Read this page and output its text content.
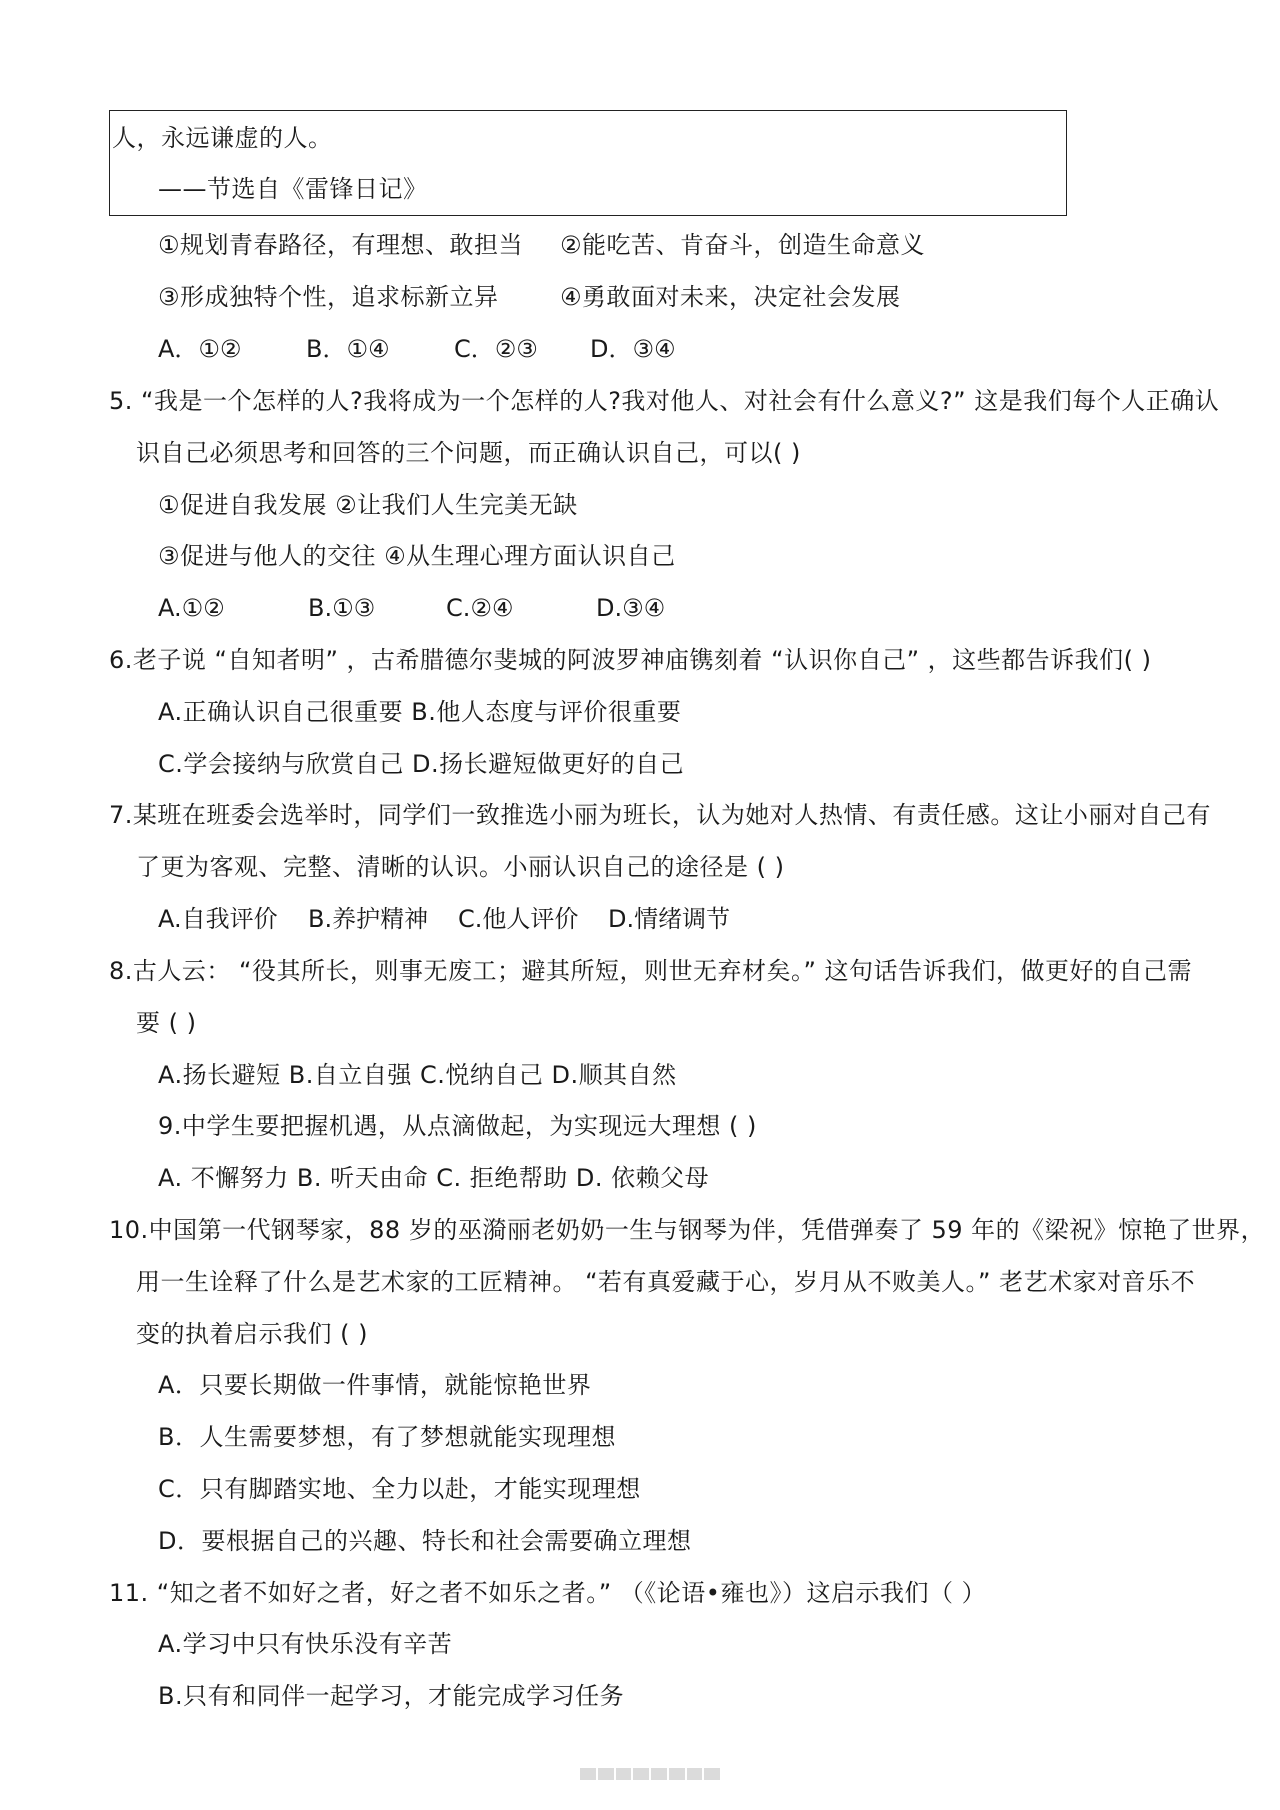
人，永远谦虚的人。
——节选自《雷锋日记》
①规划青春路径，有理想、敢担当 ②能吃苦、肯奋斗，创造生命意义
③形成独特个性，追求标新立异	④勇敢面对未来，决定社会发展
A．①②	B．①④	C．②③ D．③④
5. “我是一个怎样的人?我将成为一个怎样的人?我对他人、对社会有什么意义?” 这是我们每个人正确认
识自己必须思考和回答的三个问题，而正确认识自己，可以( )
①促进自我发展 ②让我们人生完美无缺
③促进与他人的交往 ④从生理心理方面认识自己
A.①②	B.①③	C.②④	D.③④
6.老子说 “自知者明” ，古希腊德尔斐城的阿波罗神庙镌刻着 “认识你自己” ，这些都告诉我们( )
A.正确认识自己很重要 B.他人态度与评价很重要
C.学会接纳与欣赏自己 D.扬长避短做更好的自己
7.某班在班委会选举时，同学们一致推选小丽为班长，认为她对人热情、有责任感。这让小丽对自己有
了更为客观、完整、清晰的认识。小丽认识自己的途径是 ( )
A.自我评价 B.养护精神 C.他人评价 D.情绪调节
8.古人云： “役其所长，则事无废工；避其所短，则世无弃材矣。” 这句话告诉我们，做更好的自己需
要 ( )
A.扬长避短 B.自立自强 C.悦纳自己 D.顺其自然
9.中学生要把握机遇，从点滴做起，为实现远大理想 ( )
A. 不懈努力 B. 听天由命 C. 拒绝帮助 D. 依赖父母
10.中国第一代钢琴家，88 岁的巫漪丽老奶奶一生与钢琴为伴，凭借弹奏了 59 年的《梁祝》惊艳了世界，
用一生诠释了什么是艺术家的工匠精神。 “若有真爱藏于心，岁月从不败美人。” 老艺术家对音乐不
变的执着启示我们 ( )
A．只要长期做一件事情，就能惊艳世界
B．人生需要梦想，有了梦想就能实现理想
C．只有脚踏实地、全力以赴，才能实现理想
D．要根据自己的兴趣、特长和社会需要确立理想
11. “知之者不如好之者，好之者不如乐之者。” （《论语•雍也》）这启示我们（ ）
A.学习中只有快乐没有辛苦
B.只有和同伴一起学习，才能完成学习任务
